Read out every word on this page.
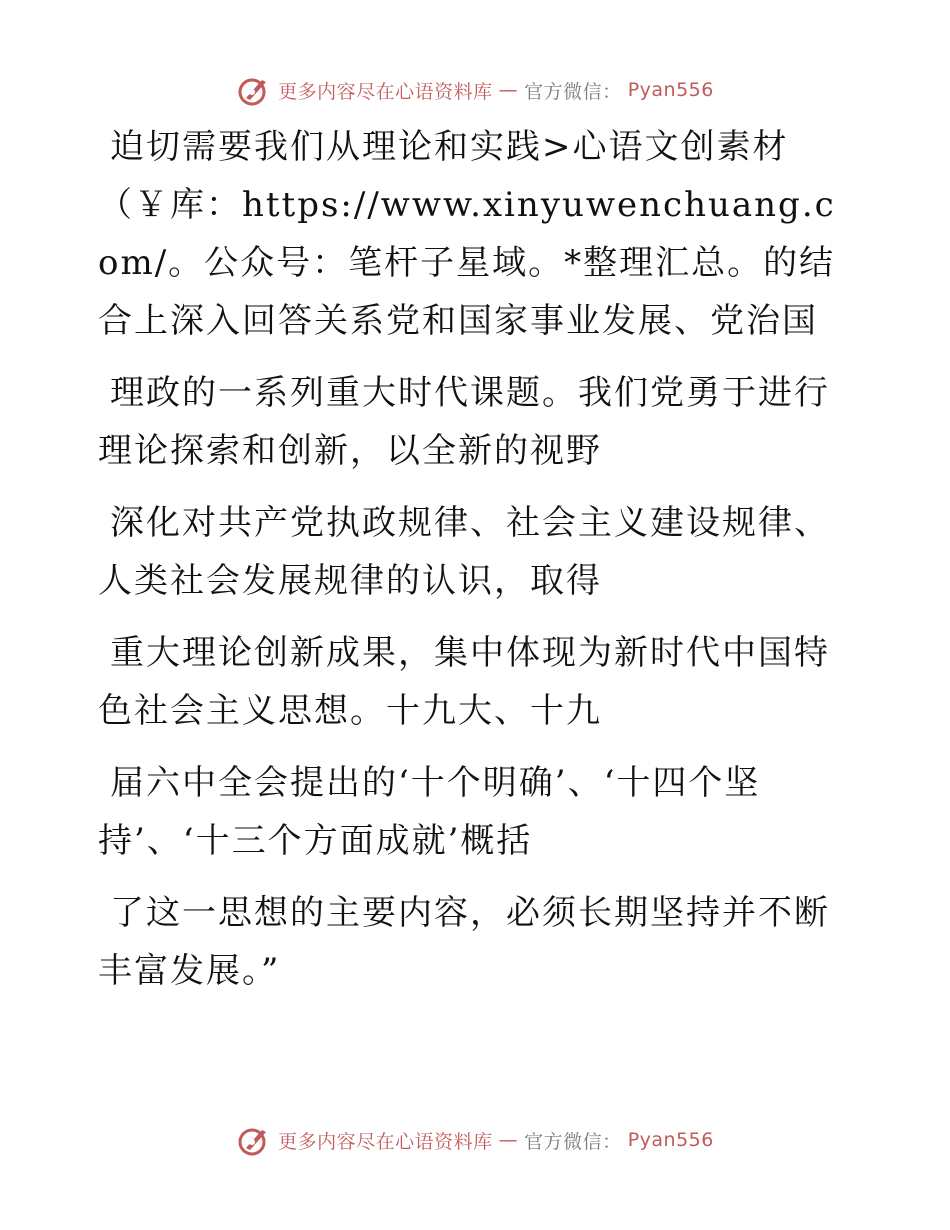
更多内容尽在心语资料库 — 官方微信： Pyan556

迫切需要我们从理论和实践>心语文创素材（￥库：https://www.xinyuwenchuang.com/。公众号：笔杆子星域。*整理汇总。的结合上深入回答关系党和国家事业发展、党治国

理政的一系列重大时代课题。我们党勇于进行理论探索和创新，以全新的视野

深化对共产党执政规律、社会主义建设规律、人类社会发展规律的认识，取得

重大理论创新成果，集中体现为新时代中国特色社会主义思想。十九大、十九

届六中全会提出的‘十个明确’、‘十四个坚持’、‘十三个方面成就’概括

了这一思想的主要内容，必须长期坚持并不断丰富发展。”

更多内容尽在心语资料库 — 官方微信： Pyan556
